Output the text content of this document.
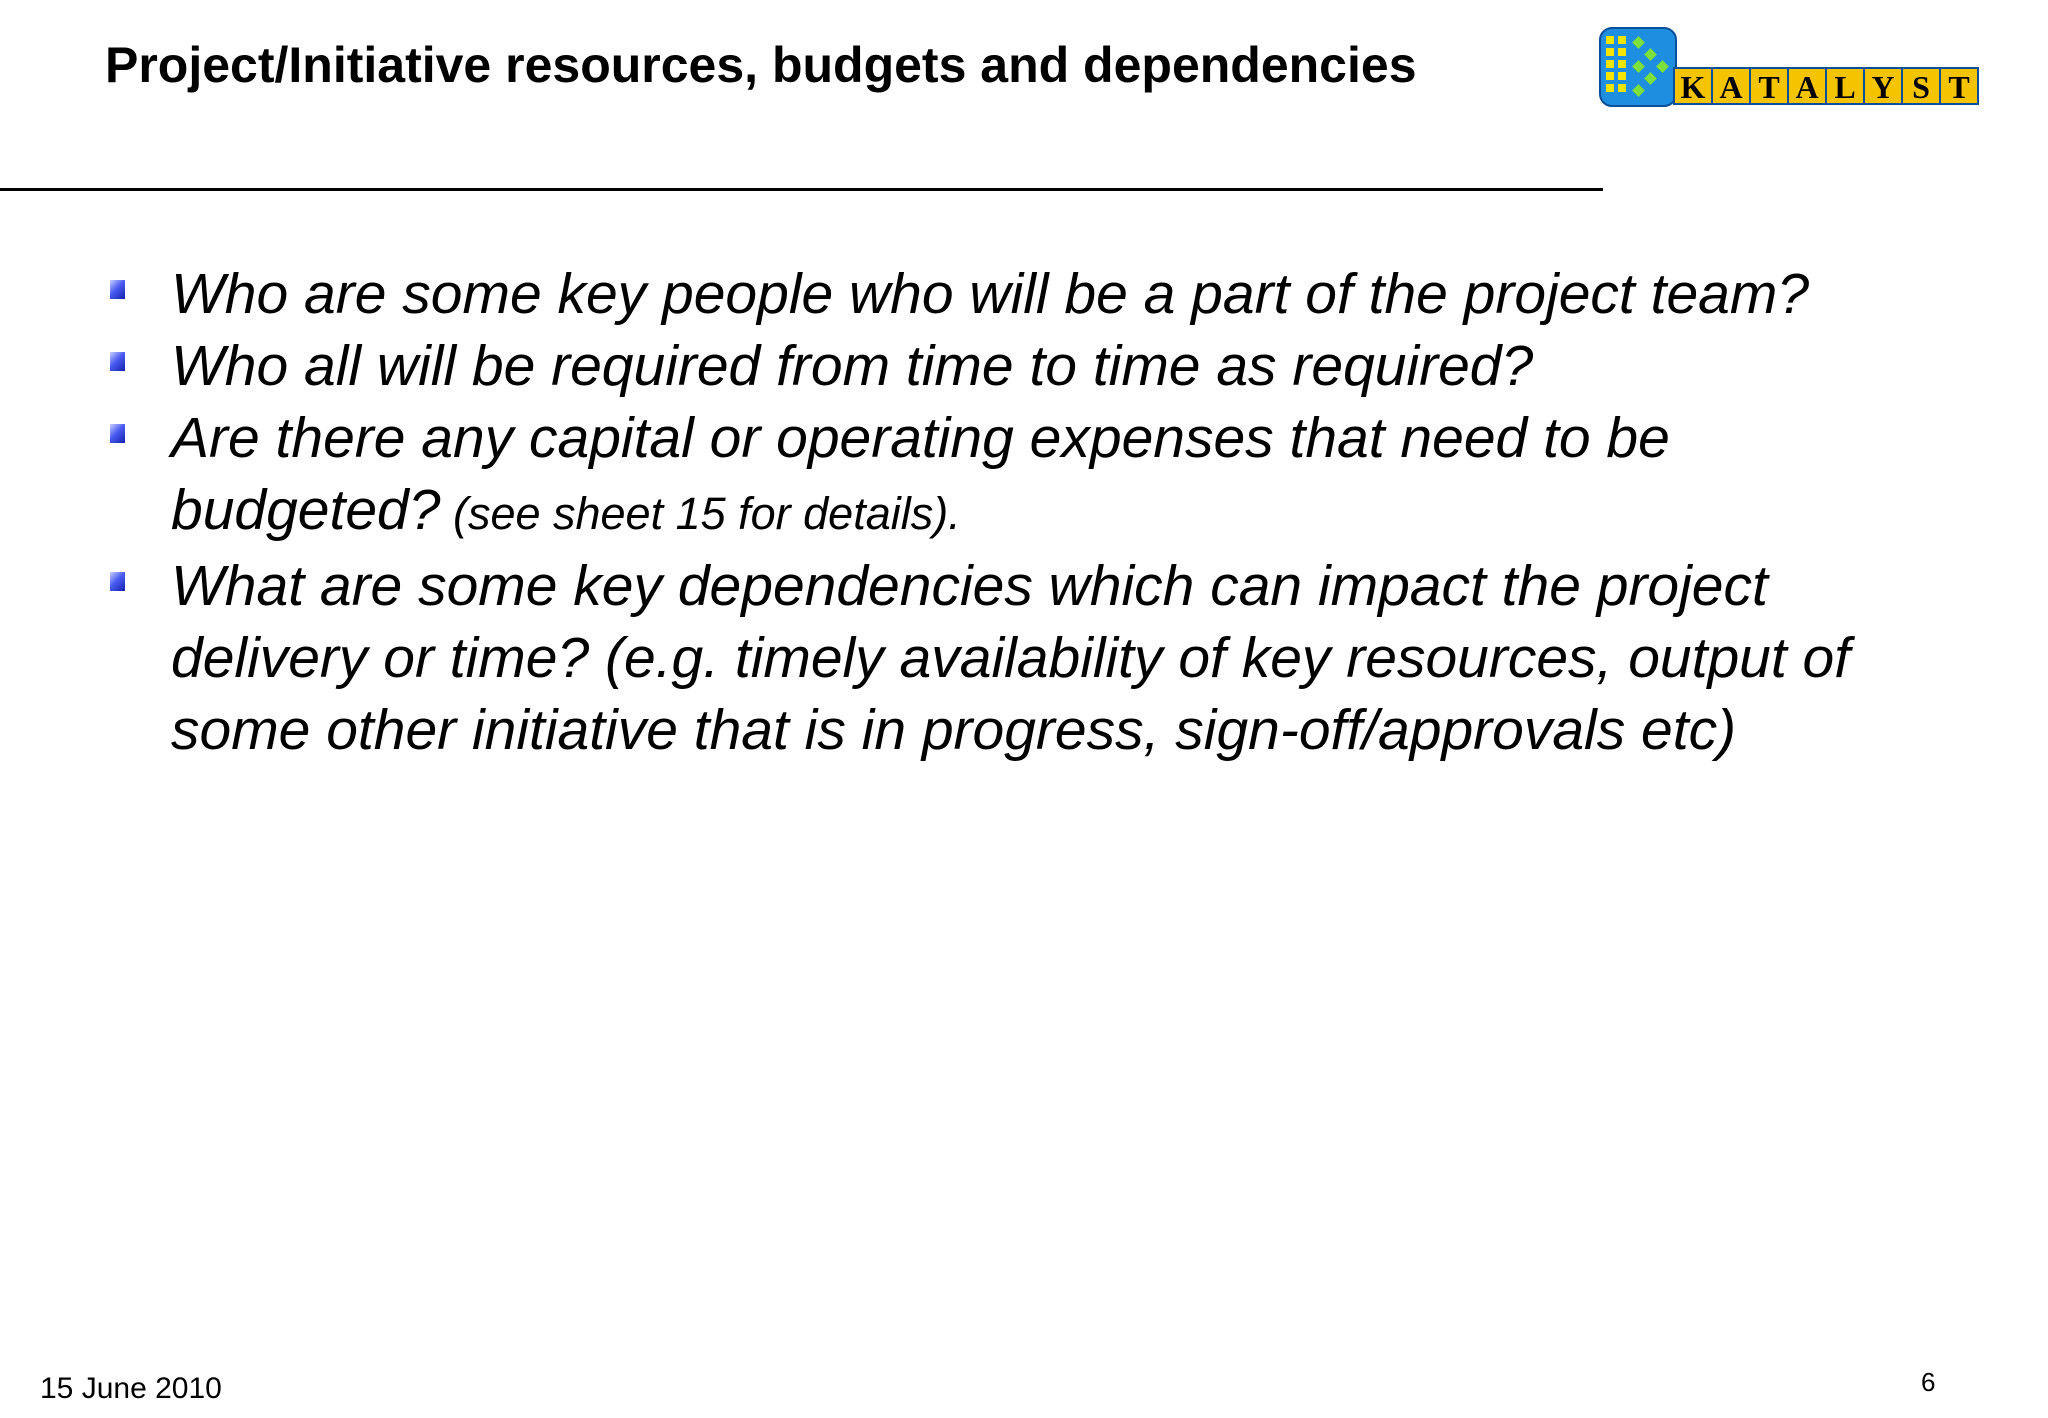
Project/Initiative resources, budgets and dependencies	K A T A L Y S T
Who are some key people who will be a part of the project team?
Who all will be required from time to time as required?
Are there any capital or operating expenses that need to be budgeted? (see sheet 15 for details).
What are some key dependencies which can impact the project delivery or time? (e.g. timely availability of key resources, output of some other initiative that is in progress, sign-off/approvals etc)
15 June 2010	6
